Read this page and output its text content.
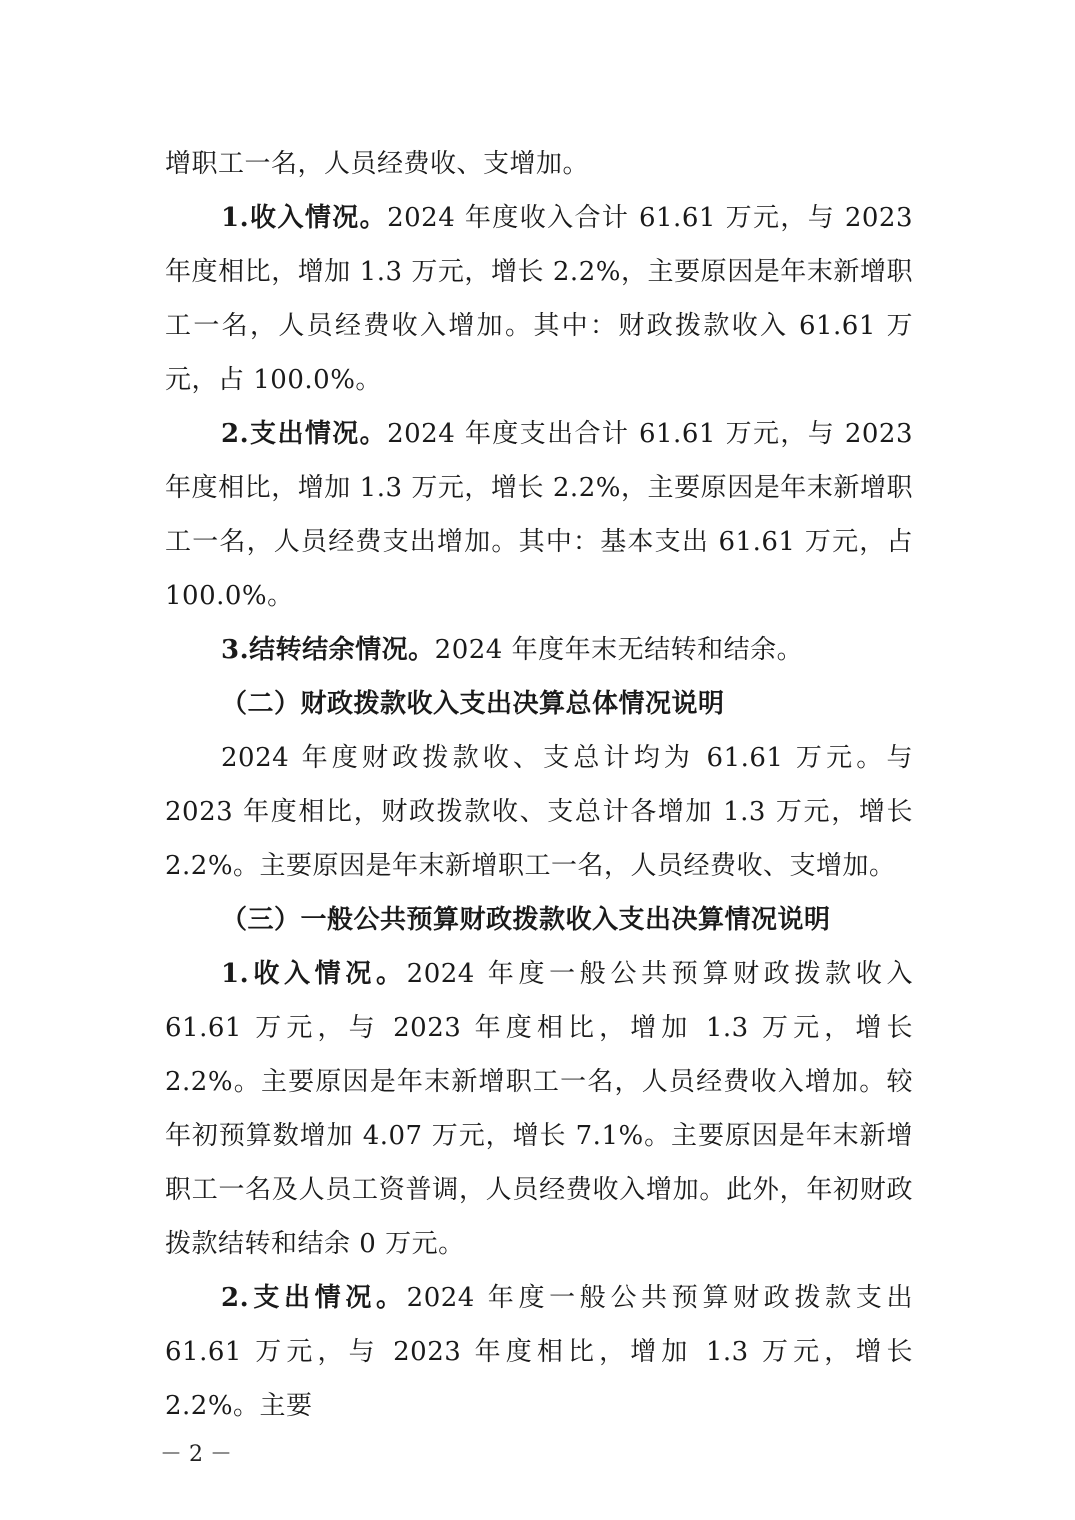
增职工一名，人员经费收、支增加。

1.收入情况。2024 年度收入合计 61.61 万元，与 2023 年度相比，增加 1.3 万元，增长 2.2%，主要原因是年末新增职工一名，人员经费收入增加。其中：财政拨款收入 61.61 万元，占 100.0%。

2.支出情况。2024 年度支出合计 61.61 万元，与 2023 年度相比，增加 1.3 万元，增长 2.2%，主要原因是年末新增职工一名，人员经费支出增加。其中：基本支出 61.61 万元，占 100.0%。

3.结转结余情况。2024 年度年末无结转和结余。

（二）财政拨款收入支出决算总体情况说明

2024 年度财政拨款收、支总计均为 61.61 万元。与 2023 年度相比，财政拨款收、支总计各增加 1.3 万元，增长 2.2%。主要原因是年末新增职工一名，人员经费收、支增加。

（三）一般公共预算财政拨款收入支出决算情况说明

1.收入情况。2024 年度一般公共预算财政拨款收入 61.61 万元，与 2023 年度相比，增加 1.3 万元，增长 2.2%。主要原因是年末新增职工一名，人员经费收入增加。较年初预算数增加 4.07 万元，增长 7.1%。主要原因是年末新增职工一名及人员工资普调，人员经费收入增加。此外，年初财政拨款结转和结余 0 万元。

2.支出情况。2024 年度一般公共预算财政拨款支出 61.61 万元，与 2023 年度相比，增加 1.3 万元，增长 2.2%。主要

－ 2 －
